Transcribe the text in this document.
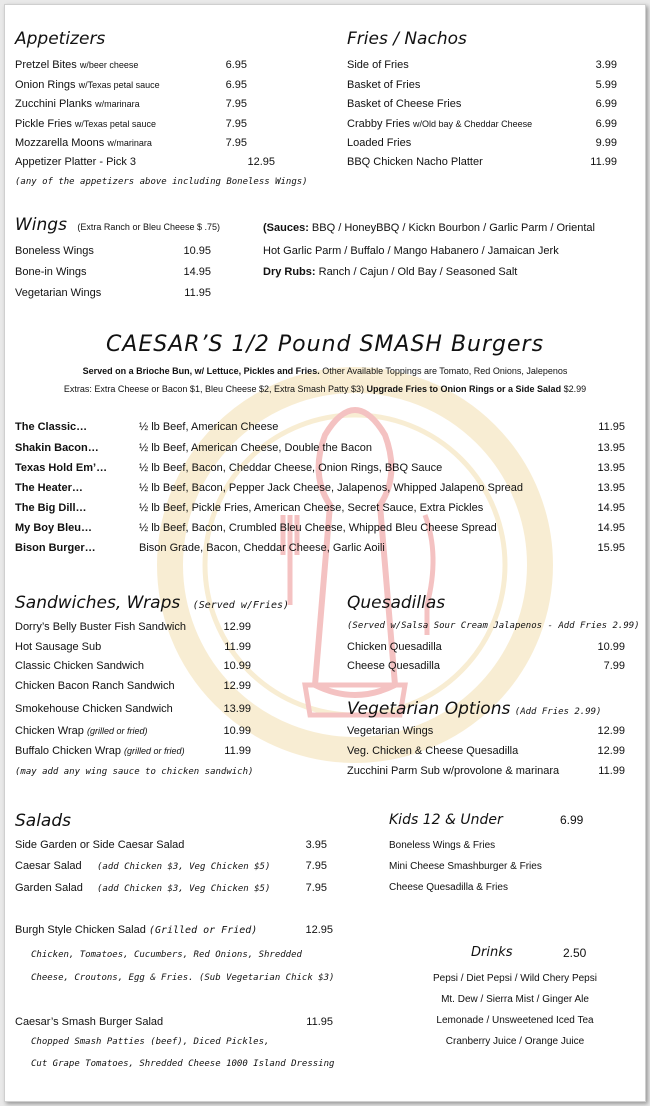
Appetizers
Pretzel Bites w/beer cheese	6.95
Onion Rings w/Texas petal sauce	6.95
Zucchini Planks w/marinara	7.95
Pickle Fries w/Texas petal sauce	7.95
Mozzarella Moons w/marinara	7.95
Appetizer Platter - Pick 3	12.95
(any of the appetizers above including Boneless Wings)
Fries / Nachos
Side of Fries	3.99
Basket of Fries	5.99
Basket of Cheese Fries	6.99
Crabby Fries w/Old bay & Cheddar Cheese	6.99
Loaded Fries	9.99
BBQ Chicken Nacho Platter	11.99
Wings (Extra Ranch or Bleu Cheese $ .75)
Boneless Wings	10.95
Bone-in Wings	14.95
Vegetarian Wings	11.95
(Sauces: BBQ / HoneyBBQ / Kickn Bourbon / Garlic Parm / Oriental
Hot Garlic Parm / Buffalo / Mango Habanero / Jamaican Jerk
Dry Rubs: Ranch / Cajun / Old Bay / Seasoned Salt
CAESAR’S 1/2 Pound SMASH Burgers
Served on a Brioche Bun, w/ Lettuce, Pickles and Fries. Other Available Toppings are Tomato, Red Onions, Jalepenos
Extras: Extra Cheese or Bacon $1, Bleu Cheese $2, Extra Smash Patty $3) Upgrade Fries to Onion Rings or a Side Salad $2.99
The Classic…	½ lb Beef, American Cheese	11.95
Shakin Bacon…	½ lb Beef, American Cheese, Double the Bacon	13.95
Texas Hold Em’…	½ lb Beef, Bacon, Cheddar Cheese, Onion Rings, BBQ Sauce	13.95
The Heater…	½ lb Beef, Bacon, Pepper Jack Cheese, Jalapenos, Whipped Jalapeno Spread	13.95
The Big Dill…	½ lb Beef, Pickle Fries, American Cheese, Secret Sauce, Extra Pickles	14.95
My Boy Bleu…	½ lb Beef, Bacon, Crumbled Bleu Cheese, Whipped Bleu Cheese Spread	14.95
Bison Burger…	Bison Grade, Bacon, Cheddar Cheese, Garlic Aoili	15.95
Sandwiches, Wraps (Served w/Fries)
Dorry’s Belly Buster Fish Sandwich	12.99
Hot Sausage Sub	11.99
Classic Chicken Sandwich	10.99
Chicken Bacon Ranch Sandwich	12.99
Smokehouse Chicken Sandwich	13.99
Chicken Wrap (grilled or fried)	10.99
Buffalo Chicken Wrap (grilled or fried)	11.99
(may add any wing sauce to chicken sandwich)
Quesadillas
(Served w/Salsa Sour Cream Jalapenos - Add Fries 2.99)
Chicken Quesadilla	10.99
Cheese Quesadilla	7.99
Vegetarian Options (Add Fries 2.99)
Vegetarian Wings	12.99
Veg. Chicken & Cheese Quesadilla	12.99
Zucchini Parm Sub w/provolone & marinara	11.99
Salads
Side Garden or Side Caesar Salad	3.95
Caesar Salad (add Chicken $3, Veg Chicken $5)	7.95
Garden Salad (add Chicken $3, Veg Chicken $5)	7.95
Burgh Style Chicken Salad (Grilled or Fried)	12.95
Chicken, Tomatoes, Cucumbers, Red Onions, Shredded
Cheese, Croutons, Egg & Fries. (Sub Vegetarian Chick $3)
Caesar’s Smash Burger Salad	11.95
Chopped Smash Patties (beef), Diced Pickles,
Cut Grape Tomatoes, Shredded Cheese 1000 Island Dressing
Kids 12 & Under	6.99
Boneless Wings & Fries
Mini Cheese Smashburger & Fries
Cheese Quesadilla & Fries
Drinks	2.50
Pepsi / Diet Pepsi / Wild Chery Pepsi
Mt. Dew / Sierra Mist / Ginger Ale
Lemonade / Unsweetened Iced Tea
Cranberry Juice / Orange Juice
